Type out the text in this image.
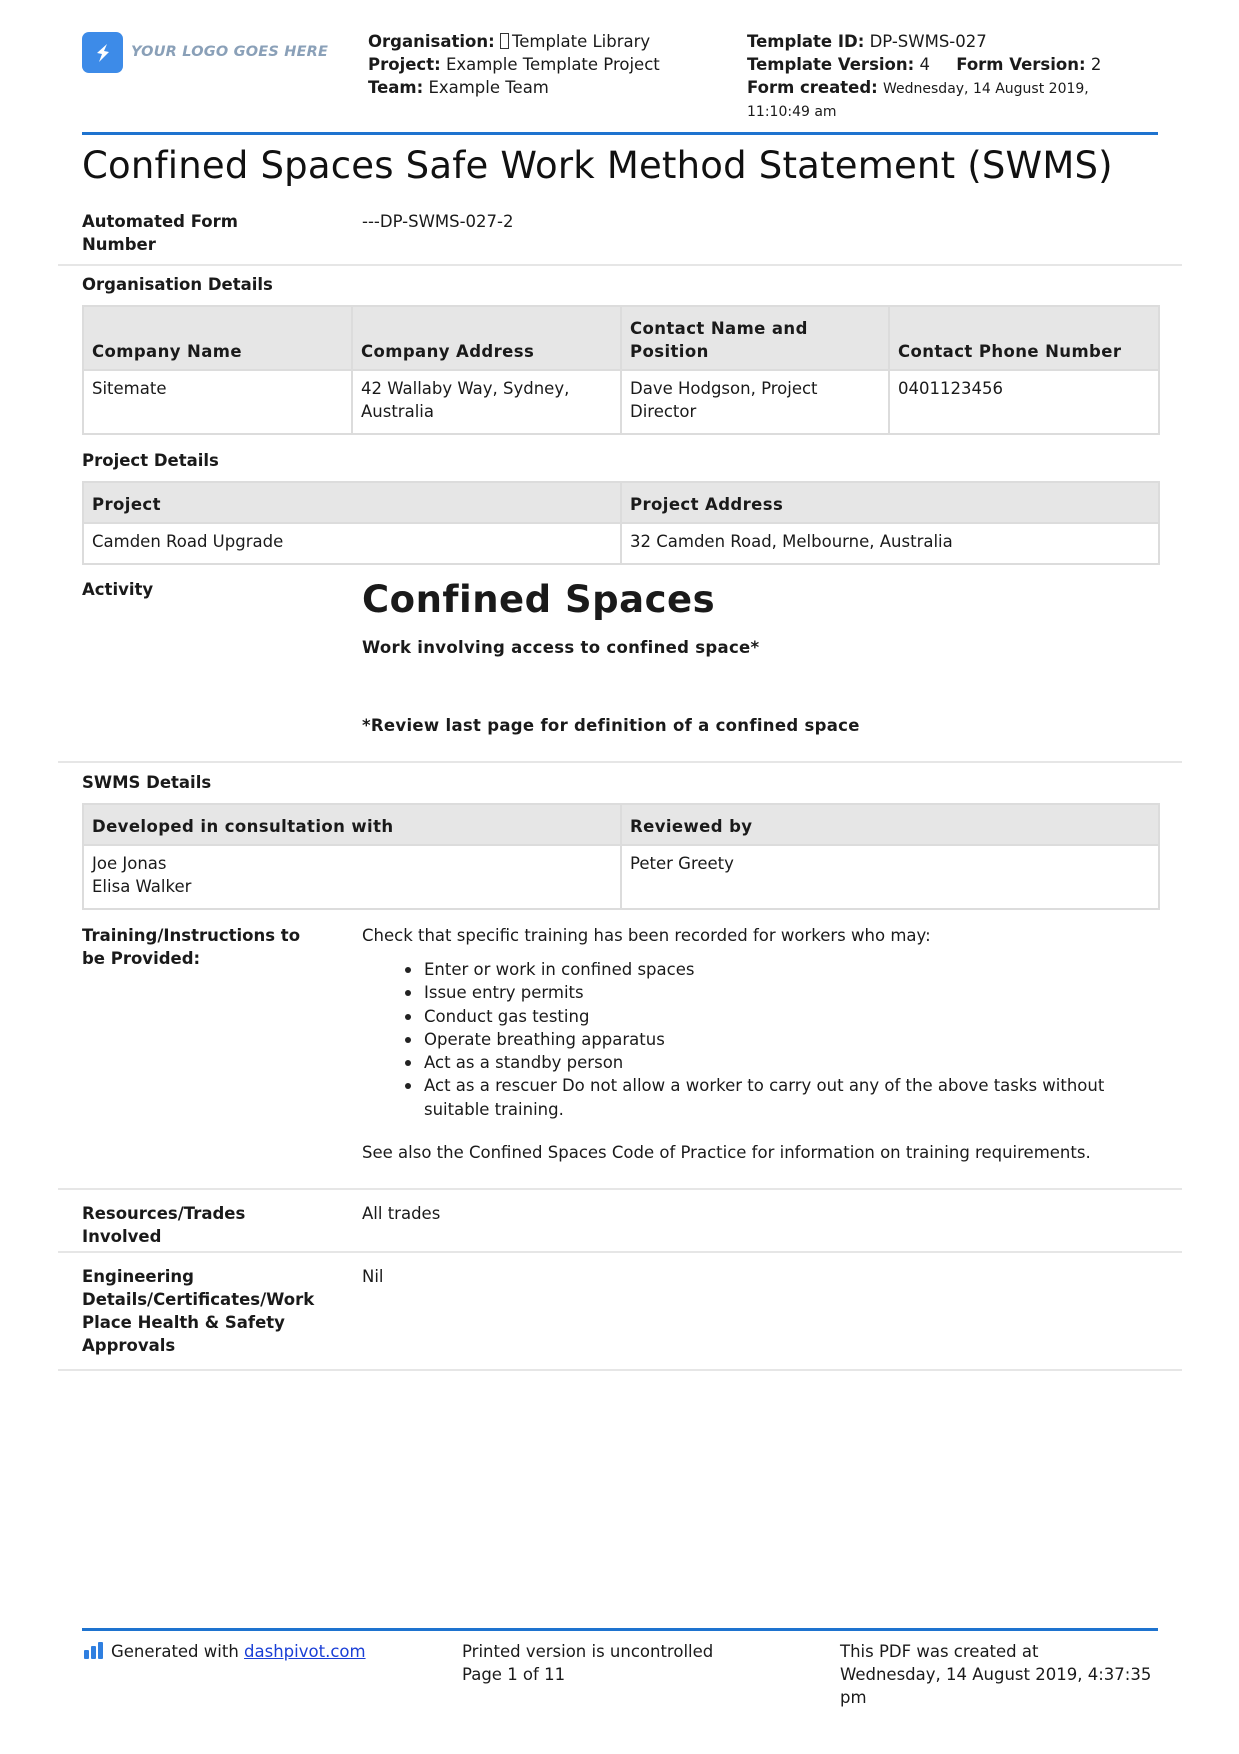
YOUR LOGO GOES HERE
Organisation: Template Library
Project: Example Template Project
Team: Example Team
Template ID: DP-SWMS-027
Template Version: 4 Form Version: 2
Form created: Wednesday, 14 August 2019,
11:10:49 am
Confined Spaces Safe Work Method Statement (SWMS)
Automated Form
Number
---DP-SWMS-027-2
Organisation Details
Company Name	Company Address	Contact Name and Position	Contact Phone Number
Sitemate	42 Wallaby Way, Sydney, Australia	Dave Hodgson, Project Director	0401123456
Project Details
Project	Project Address
Camden Road Upgrade	32 Camden Road, Melbourne, Australia
Activity	Confined Spaces
Work involving access to confined space*
*Review last page for definition of a confined space
SWMS Details
Developed in consultation with	Reviewed by

Joe Jonas
Elisa Walker	Peter Greety
Training/Instructions to
be Provided:
Check that specific training has been recorded for workers who may:
See also the Confined Spaces Code of Practice for information on training requirements.
Enter or work in confined spaces
Issue entry permits
Conduct gas testing
Operate breathing apparatus
Act as a standby person
Act as a rescuer Do not allow a worker to carry out any of the above tasks without
suitable training.
Resources/Trades
Involved
All trades
Engineering
Details/Certificates/Work
Place Health & Safety
Approvals
Nil
Generated with dashpivot.com	Printed version is uncontrolled
Page 1 of 11
This PDF was created at
Wednesday, 14 August 2019, 4:37:35
pm
